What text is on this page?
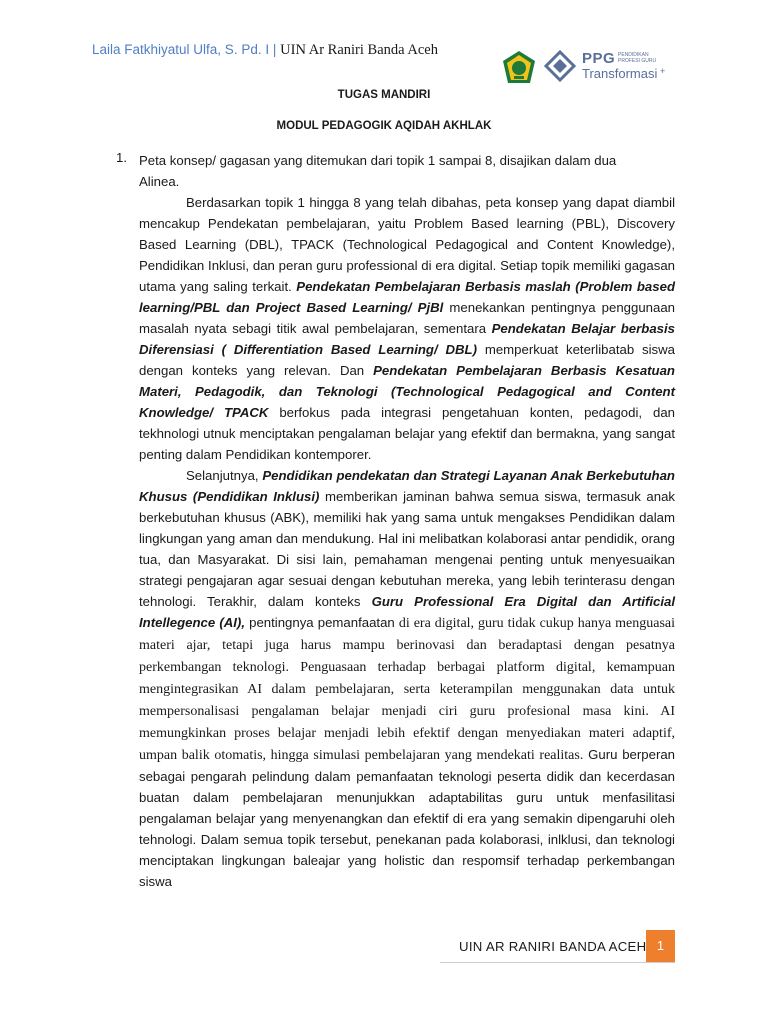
Laila Fatkhiyatul Ulfa, S. Pd. I | UIN Ar Raniri Banda Aceh	PPG PENDIDIKAN PROFESI GURU
Transformasi +
TUGAS MANDIRI
MODUL PEDAGOGIK AQIDAH AKHLAK
1. Peta konsep/ gagasan yang ditemukan dari topik 1 sampai 8, disajikan dalam dua Alinea.

Berdasarkan topik 1 hingga 8 yang telah dibahas, peta konsep yang dapat diambil mencakup Pendekatan pembelajaran, yaitu Problem Based learning (PBL), Discovery Based Learning (DBL), TPACK (Technological Pedagogical and Content Knowledge), Pendidikan Inklusi, dan peran guru professional di era digital. Setiap topik memiliki gagasan utama yang saling terkait. Pendekatan Pembelajaran Berbasis maslah (Problem based learning/PBL dan Project Based Learning/ PjBl menekankan pentingnya penggunaan masalah nyata sebagi titik awal pembelajaran, sementara Pendekatan Belajar berbasis Diferensiasi ( Differentiation Based Learning/ DBL) memperkuat keterlibatab siswa dengan konteks yang relevan. Dan Pendekatan Pembelajaran Berbasis Kesatuan Materi, Pedagodik, dan Teknologi (Technological Pedagogical and Content Knowledge/ TPACK berfokus pada integrasi pengetahuan konten, pedagodi, dan tekhnologi utnuk menciptakan pengalaman belajar yang efektif dan bermakna, yang sangat penting dalam Pendidikan kontemporer.

Selanjutnya, Pendidikan pendekatan dan Strategi Layanan Anak Berkebutuhan Khusus (Pendidikan Inklusi) memberikan jaminan bahwa semua siswa, termasuk anak berkebutuhan khusus (ABK), memiliki hak yang sama untuk mengakses Pendidikan dalam lingkungan yang aman dan mendukung. Hal ini melibatkan kolaborasi antar pendidik, orang tua, dan Masyarakat. Di sisi lain, pemahaman mengenai penting untuk menyesuaikan strategi pengajaran agar sesuai dengan kebutuhan mereka, yang lebih terinterasu dengan tehnologi. Terakhir, dalam konteks Guru Professional Era Digital dan Artificial Intellegence (AI), pentingnya pemanfaatan di era digital, guru tidak cukup hanya menguasai materi ajar, tetapi juga harus mampu berinovasi dan beradaptasi dengan pesatnya perkembangan teknologi. Penguasaan terhadap berbagai platform digital, kemampuan mengintegrasikan AI dalam pembelajaran, serta keterampilan menggunakan data untuk mempersonalisasi pengalaman belajar menjadi ciri guru profesional masa kini. AI memungkinkan proses belajar menjadi lebih efektif dengan menyediakan materi adaptif, umpan balik otomatis, hingga simulasi pembelajaran yang mendekati realitas. Guru berperan sebagai pengarah pelindung dalam pemanfaatan teknologi peserta didik dan kecerdasan buatan dalam pembelajaran menunjukkan adaptabilitas guru untuk menfasilitasi pengalaman belajar yang menyenangkan dan efektif di era yang semakin dipengaruhi oleh tehnologi. Dalam semua topik tersebut, penekanan pada kolaborasi, inlklusi, dan teknologi menciptakan lingkungan baleajar yang holistic dan respomsif terhadap perkembangan siswa

UIN AR RANIRI BANDA ACEH 1
